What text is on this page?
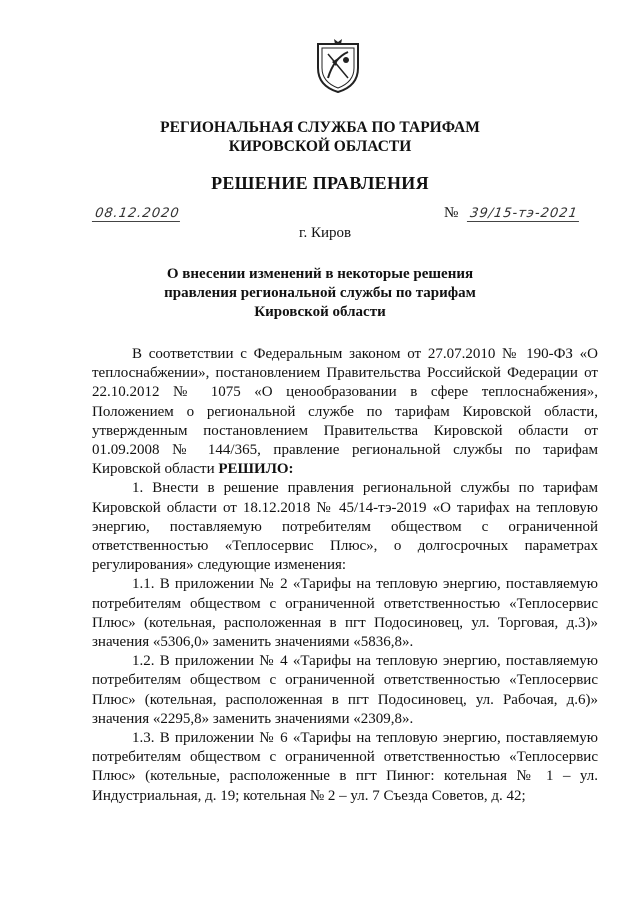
РЕГИОНАЛЬНАЯ СЛУЖБА ПО ТАРИФАМ
КИРОВСКОЙ ОБЛАСТИ
РЕШЕНИЕ ПРАВЛЕНИЯ
08.12.2020	№ 39/15-тэ-2021
г. Киров
О внесении изменений в некоторые решения
правления региональной службы по тарифам
Кировской области

В соответствии с Федеральным законом от 27.07.2010 № 190-ФЗ «О теплоснабжении», постановлением Правительства Российской Федерации от 22.10.2012 № 1075 «О ценообразовании в сфере теплоснабжения», Положением о региональной службе по тарифам Кировской области, утвержденным постановлением Правительства Кировской области от 01.09.2008 № 144/365, правление региональной службы по тарифам Кировской области РЕШИЛО:

1. Внести в решение правления региональной службы по тарифам Кировской области от 18.12.2018 № 45/14-тэ-2019 «О тарифах на тепловую энергию, поставляемую потребителям обществом с ограниченной ответственностью «Теплосервис Плюс», о долгосрочных параметрах регулирования» следующие изменения:

1.1. В приложении № 2 «Тарифы на тепловую энергию, поставляемую потребителям обществом с ограниченной ответственностью «Теплосервис Плюс» (котельная, расположенная в пгт Подосиновец, ул. Торговая, д.3)» значения «5306,0» заменить значениями «5836,8».

1.2. В приложении № 4 «Тарифы на тепловую энергию, поставляемую потребителям обществом с ограниченной ответственностью «Теплосервис Плюс» (котельная, расположенная в пгт Подосиновец, ул. Рабочая, д.6)» значения «2295,8» заменить значениями «2309,8».

1.3. В приложении № 6 «Тарифы на тепловую энергию, поставляемую потребителям обществом с ограниченной ответственностью «Теплосервис Плюс» (котельные, расположенные в пгт Пинюг: котельная № 1 – ул. Индустриальная, д. 19; котельная № 2 – ул. 7 Съезда Советов, д. 42;
